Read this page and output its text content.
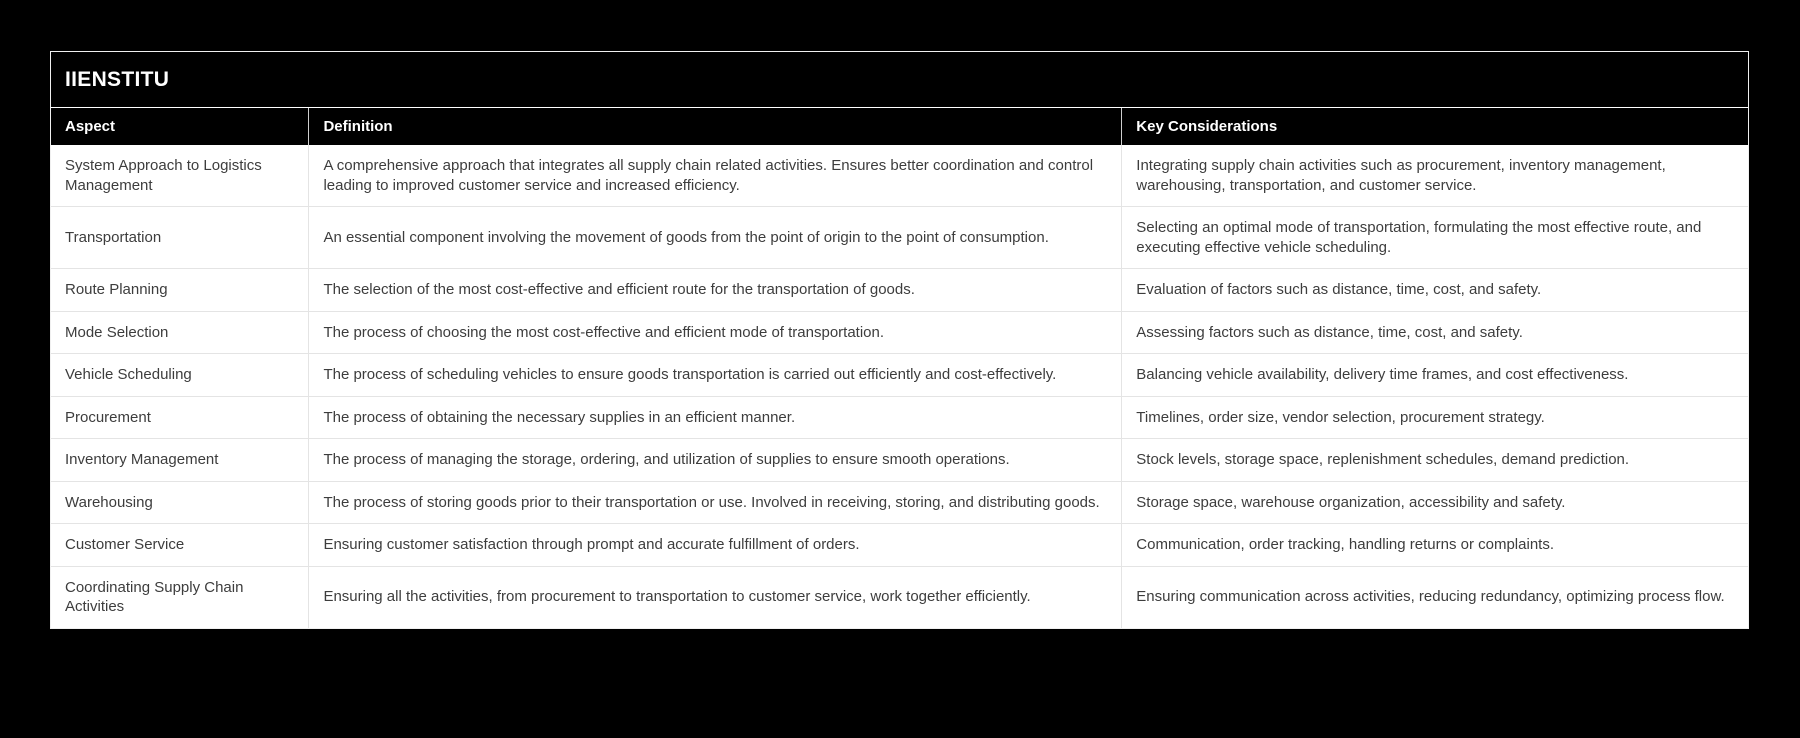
IIENSTITU
Aspect	Definition	Key Considerations
System Approach to Logistics Management	A comprehensive approach that integrates all supply chain related activities. Ensures better coordination and control leading to improved customer service and increased efficiency.	Integrating supply chain activities such as procurement, inventory management, warehousing, transportation, and customer service.
Transportation	An essential component involving the movement of goods from the point of origin to the point of consumption.	Selecting an optimal mode of transportation, formulating the most effective route, and executing effective vehicle scheduling.
Route Planning	The selection of the most cost-effective and efficient route for the transportation of goods.	Evaluation of factors such as distance, time, cost, and safety.
Mode Selection	The process of choosing the most cost-effective and efficient mode of transportation.	Assessing factors such as distance, time, cost, and safety.
Vehicle Scheduling	The process of scheduling vehicles to ensure goods transportation is carried out efficiently and cost-effectively.	Balancing vehicle availability, delivery time frames, and cost effectiveness.
Procurement	The process of obtaining the necessary supplies in an efficient manner.	Timelines, order size, vendor selection, procurement strategy.
Inventory Management	The process of managing the storage, ordering, and utilization of supplies to ensure smooth operations.	Stock levels, storage space, replenishment schedules, demand prediction.
Warehousing	The process of storing goods prior to their transportation or use. Involved in receiving, storing, and distributing goods.	Storage space, warehouse organization, accessibility and safety.
Customer Service	Ensuring customer satisfaction through prompt and accurate fulfillment of orders.	Communication, order tracking, handling returns or complaints.
Coordinating Supply Chain Activities	Ensuring all the activities, from procurement to transportation to customer service, work together efficiently.	Ensuring communication across activities, reducing redundancy, optimizing process flow.
